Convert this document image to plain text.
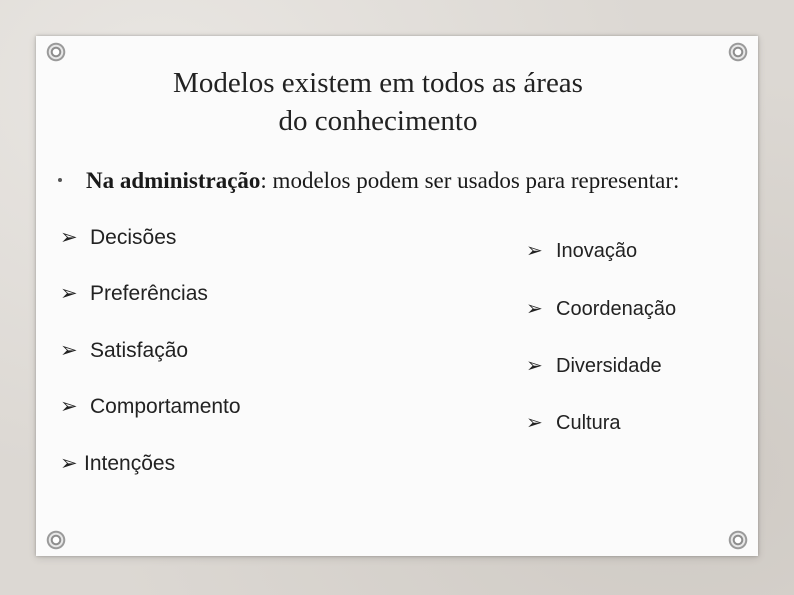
Modelos existem em todos as áreas
do conhecimento
Na administração: modelos podem ser usados para representar:
➢ Decisões
➢ Preferências
➢ Satisfação
➢ Comportamento
➢ Intenções
➢ Inovação
➢ Coordenação
➢ Diversidade
➢ Cultura
